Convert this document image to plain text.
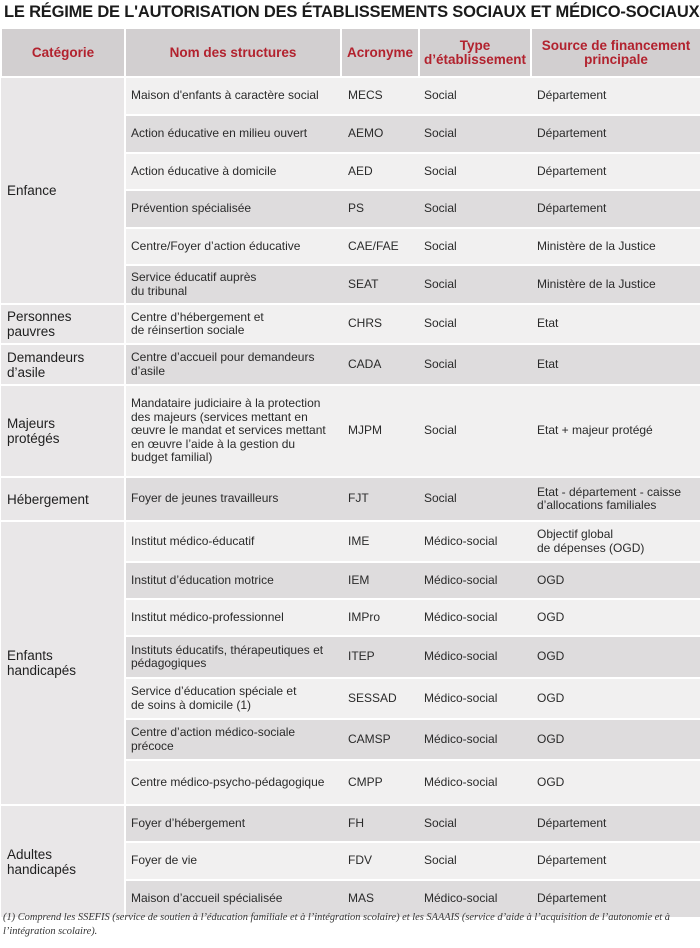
LE RÉGIME DE L'AUTORISATION DES ÉTABLISSEMENTS SOCIAUX ET MÉDICO-SOCIAUX
Catégorie	Nom des structures	Acronyme	Type d’établissement	Source de financement principale
Enfance	Maison d'enfants à caractère social	MECS	Social	Département
	Action éducative en milieu ouvert	AEMO	Social	Département
	Action éducative à domicile	AED	Social	Département
	Prévention spécialisée	PS	Social	Département
	Centre/Foyer d’action éducative	CAE/FAE	Social	Ministère de la Justice
	Service éducatif auprès
du tribunal	SEAT	Social	Ministère de la Justice
Personnes
pauvres	Centre d’hébergement et
de réinsertion sociale	CHRS	Social	Etat
Demandeurs
d’asile	Centre d’accueil pour demandeurs
d’asile	CADA	Social	Etat
Majeurs
protégés	Mandataire judiciaire à la protection
des majeurs (services mettant en
œuvre le mandat et services mettant
en œuvre l’aide à la gestion du
budget familial)	MJPM	Social	Etat + majeur protégé
Hébergement	Foyer de jeunes travailleurs	FJT	Social	Etat - département - caisse
d’allocations familiales
Enfants
handicapés	Institut médico-éducatif	IME	Médico-social	Objectif global
de dépenses (OGD)
	Institut d’éducation motrice	IEM	Médico-social	OGD
	Institut médico-professionnel	IMPro	Médico-social	OGD
	Instituts éducatifs, thérapeutiques et
pédagogiques	ITEP	Médico-social	OGD
	Service d’éducation spéciale et
de soins à domicile (1)	SESSAD	Médico-social	OGD
	Centre d’action médico-sociale
précoce	CAMSP	Médico-social	OGD
	Centre médico-psycho-pédagogique	CMPP	Médico-social	OGD
Adultes
handicapés	Foyer d’hébergement	FH	Social	Département
	Foyer de vie	FDV	Social	Département
	Maison d’accueil spécialisée	MAS	Médico-social	Département
(1) Comprend les SSEFIS (service de soutien à l’éducation familiale et à l’intégration scolaire) et les SAAAIS (service d’aide à l’acquisition de l’autonomie et à l’intégration scolaire).
